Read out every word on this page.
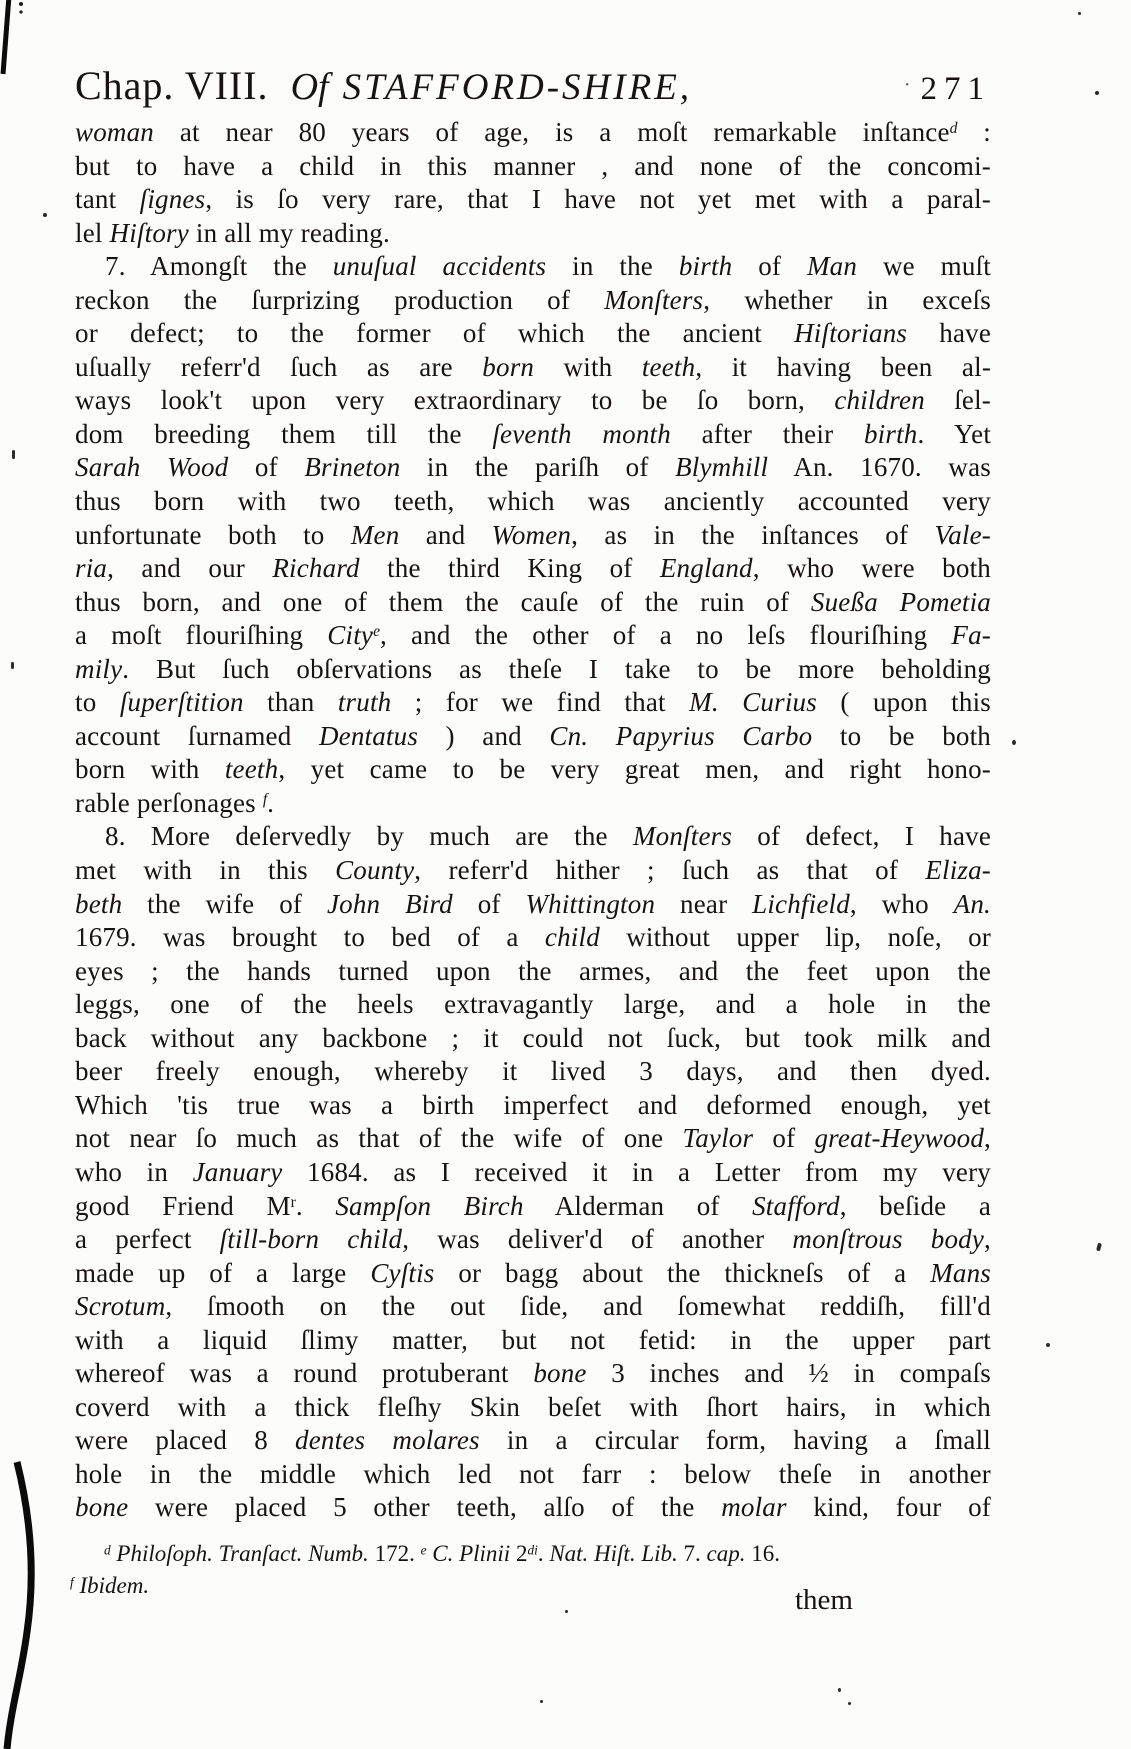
Chap. VIII. Of STAFFORD-SHIRE,	· 271
woman at near 80 years of age, is a moſt remarkable inſtance$^d$ :
but to have a child in this manner , and none of the concomi-
tant ſignes, is ſo very rare, that I have not yet met with a paral-
lel Hiſtory in all my reading.
7. Amongſt the unuſual accidents in the birth of Man we muſt
reckon the ſurprizing production of Monſters, whether in exceſs
or defect; to the former of which the ancient Hiſtorians have
uſually referr'd ſuch as are born with teeth, it having been al-
ways look't upon very extraordinary to be ſo born, children ſel-
dom breeding them till the ſeventh month after their birth. Yet
Sarah Wood of Brineton in the pariſh of Blymhill An. 1670. was
thus born with two teeth, which was anciently accounted very
unfortunate both to Men and Women, as in the inſtances of Vale-
ria, and our Richard the third King of England, who were both
thus born, and one of them the cauſe of the ruin of Sueßa Pometia
a moſt flouriſhing City$^e$, and the other of a no leſs flouriſhing Fa-
mily. But ſuch obſervations as theſe I take to be more beholding
to ſuperſtition than truth ; for we find that M. Curius ( upon this
account ſurnamed Dentatus ) and Cn. Papyrius Carbo to be both
born with teeth, yet came to be very great men, and right hono-
rable perſonages $^f$.
8. More deſervedly by much are the Monſters of defect, I have
met with in this County, referr'd hither ; ſuch as that of Eliza-
beth the wife of John Bird of Whittington near Lichfield, who An.
1679. was brought to bed of a child without upper lip, noſe, or
eyes ; the hands turned upon the armes, and the feet upon the
leggs, one of the heels extravagantly large, and a hole in the
back without any backbone ; it could not ſuck, but took milk and
beer freely enough, whereby it lived 3 days, and then dyed.
Which 'tis true was a birth imperfect and deformed enough, yet
not near ſo much as that of the wife of one Taylor of great-Heywood,
who in January 1684. as I received it in a Letter from my very
good Friend $M^r$. Sampſon Birch Alderman of Stafford, beſide a
a perfect ſtill-born child, was deliver'd of another monſtrous body,
made up of a large Cyſtis or bagg about the thickneſs of a Mans
Scrotum, ſmooth on the out ſide, and ſomewhat reddiſh, fill'd
with a liquid ſlimy matter, but not fetid: in the upper part
whereof was a round protuberant bone 3 inches and ½ in compaſs
coverd with a thick fleſhy Skin beſet with ſhort hairs, in which
were placed 8 dentes molares in a circular form, having a ſmall
hole in the middle which led not farr : below theſe in another
bone were placed 5 other teeth, alſo of the molar kind, four of
$^d$ Philoſoph. Tranſact. Numb. 172. $^e$ C. Plinii $2^{di}$. Nat. Hiſt. Lib. 7. cap. 16.
$^f$ Ibidem.	them
